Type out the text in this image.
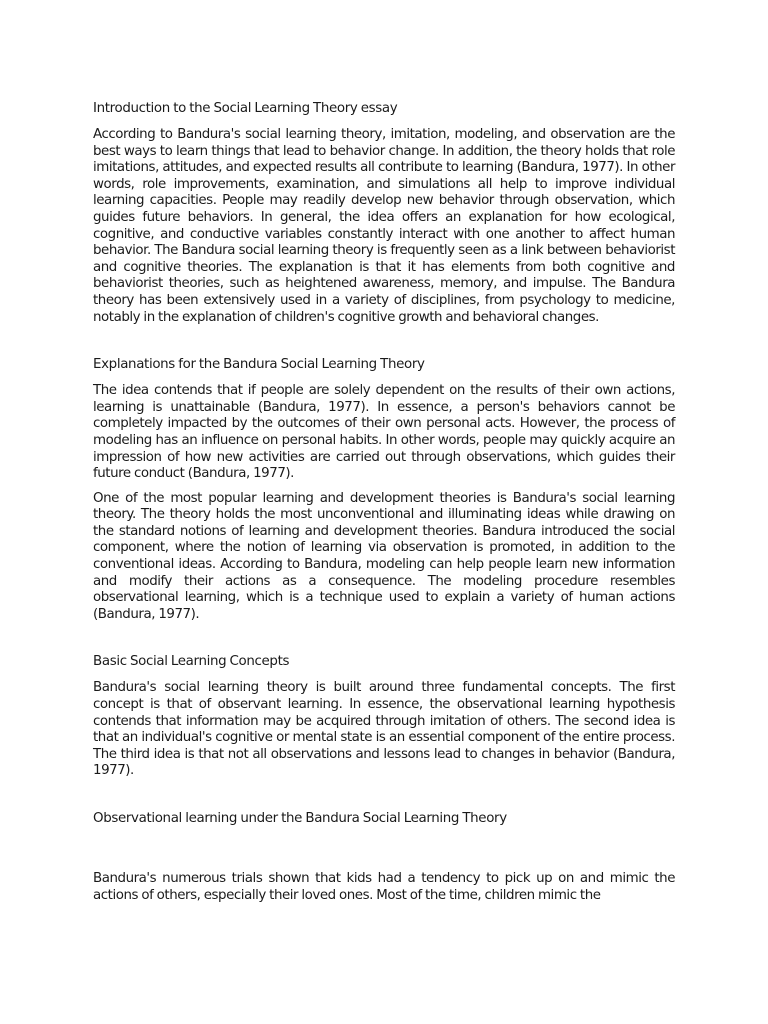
Introduction to the Social Learning Theory essay

According to Bandura's social learning theory, imitation, modeling, and observation are the best ways to learn things that lead to behavior change. In addition, the theory holds that role imitations, attitudes, and expected results all contribute to learning (Bandura, 1977). In other words, role improvements, examination, and simulations all help to improve individual learning capacities. People may readily develop new behavior through observation, which guides future behaviors. In general, the idea offers an explanation for how ecological, cognitive, and conductive variables constantly interact with one another to affect human behavior. The Bandura social learning theory is frequently seen as a link between behaviorist and cognitive theories. The explanation is that it has elements from both cognitive and behaviorist theories, such as heightened awareness, memory, and impulse. The Bandura theory has been extensively used in a variety of disciplines, from psychology to medicine, notably in the explanation of children's cognitive growth and behavioral changes.

Explanations for the Bandura Social Learning Theory

The idea contends that if people are solely dependent on the results of their own actions, learning is unattainable (Bandura, 1977). In essence, a person's behaviors cannot be completely impacted by the outcomes of their own personal acts. However, the process of modeling has an influence on personal habits. In other words, people may quickly acquire an impression of how new activities are carried out through observations, which guides their future conduct (Bandura, 1977).

One of the most popular learning and development theories is Bandura's social learning theory. The theory holds the most unconventional and illuminating ideas while drawing on the standard notions of learning and development theories. Bandura introduced the social component, where the notion of learning via observation is promoted, in addition to the conventional ideas. According to Bandura, modeling can help people learn new information and modify their actions as a consequence. The modeling procedure resembles observational learning, which is a technique used to explain a variety of human actions (Bandura, 1977).

Basic Social Learning Concepts

Bandura's social learning theory is built around three fundamental concepts. The first concept is that of observant learning. In essence, the observational learning hypothesis contends that information may be acquired through imitation of others. The second idea is that an individual's cognitive or mental state is an essential component of the entire process. The third idea is that not all observations and lessons lead to changes in behavior (Bandura, 1977).

Observational learning under the Bandura Social Learning Theory

Bandura's numerous trials shown that kids had a tendency to pick up on and mimic the actions of others, especially their loved ones. Most of the time, children mimic the
